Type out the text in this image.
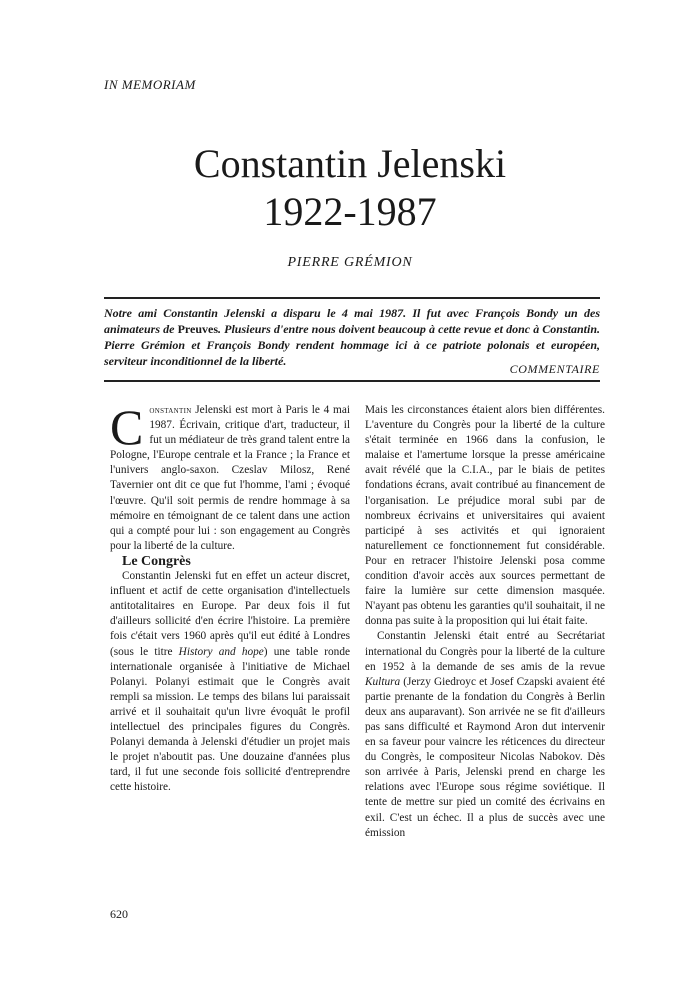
IN MEMORIAM
Constantin Jelenski
1922-1987
PIERRE GRÉMION
Notre ami Constantin Jelenski a disparu le 4 mai 1987. Il fut avec François Bondy un des animateurs de Preuves. Plusieurs d'entre nous doivent beaucoup à cette revue et donc à Constantin. Pierre Grémion et François Bondy rendent hommage ici à ce patriote polonais et européen, serviteur inconditionnel de la liberté.
COMMENTAIRE

Constantin Jelenski est mort à Paris le 4 mai 1987. Écrivain, critique d'art, traducteur, il fut un médiateur de très grand talent entre la Pologne, l'Europe centrale et la France ; la France et l'univers anglo-saxon. Czeslav Milosz, René Tavernier ont dit ce que fut l'homme, l'ami ; évoqué l'œuvre. Qu'il soit permis de rendre hommage à sa mémoire en témoignant de ce talent dans une action qui a compté pour lui : son engagement au Congrès pour la liberté de la culture.

Le Congrès

Constantin Jelenski fut en effet un acteur discret, influent et actif de cette organisation d'intellectuels antitotalitaires en Europe. Par deux fois il fut d'ailleurs sollicité d'en écrire l'histoire. La première fois c'était vers 1960 après qu'il eut édité à Londres (sous le titre History and hope) une table ronde internationale organisée à l'initiative de Michael Polanyi. Polanyi estimait que le Congrès avait rempli sa mission. Le temps des bilans lui paraissait arrivé et il souhaitait qu'un livre évoquât le profil intellectuel des principales figures du Congrès. Polanyi demanda à Jelenski d'étudier un projet mais le projet n'aboutit pas. Une douzaine d'années plus tard, il fut une seconde fois sollicité d'entreprendre cette histoire.

Mais les circonstances étaient alors bien différentes. L'aventure du Congrès pour la liberté de la culture s'était terminée en 1966 dans la confusion, le malaise et l'amertume lorsque la presse américaine avait révélé que la C.I.A., par le biais de petites fondations écrans, avait contribué au financement de l'organisation. Le préjudice moral subi par de nombreux écrivains et universitaires qui avaient participé à ses activités et qui ignoraient naturellement ce fonctionnement fut considérable. Pour en retracer l'histoire Jelenski posa comme condition d'avoir accès aux sources permettant de faire la lumière sur cette dimension masquée. N'ayant pas obtenu les garanties qu'il souhaitait, il ne donna pas suite à la proposition qui lui était faite.

Constantin Jelenski était entré au Secrétariat international du Congrès pour la liberté de la culture en 1952 à la demande de ses amis de la revue Kultura (Jerzy Giedroyc et Josef Czapski avaient été partie prenante de la fondation du Congrès à Berlin deux ans auparavant). Son arrivée ne se fit d'ailleurs pas sans difficulté et Raymond Aron dut intervenir en sa faveur pour vaincre les réticences du directeur du Congrès, le compositeur Nicolas Nabokov. Dès son arrivée à Paris, Jelenski prend en charge les relations avec l'Europe sous régime soviétique. Il tente de mettre sur pied un comité des écrivains en exil. C'est un échec. Il a plus de succès avec une émission

620
